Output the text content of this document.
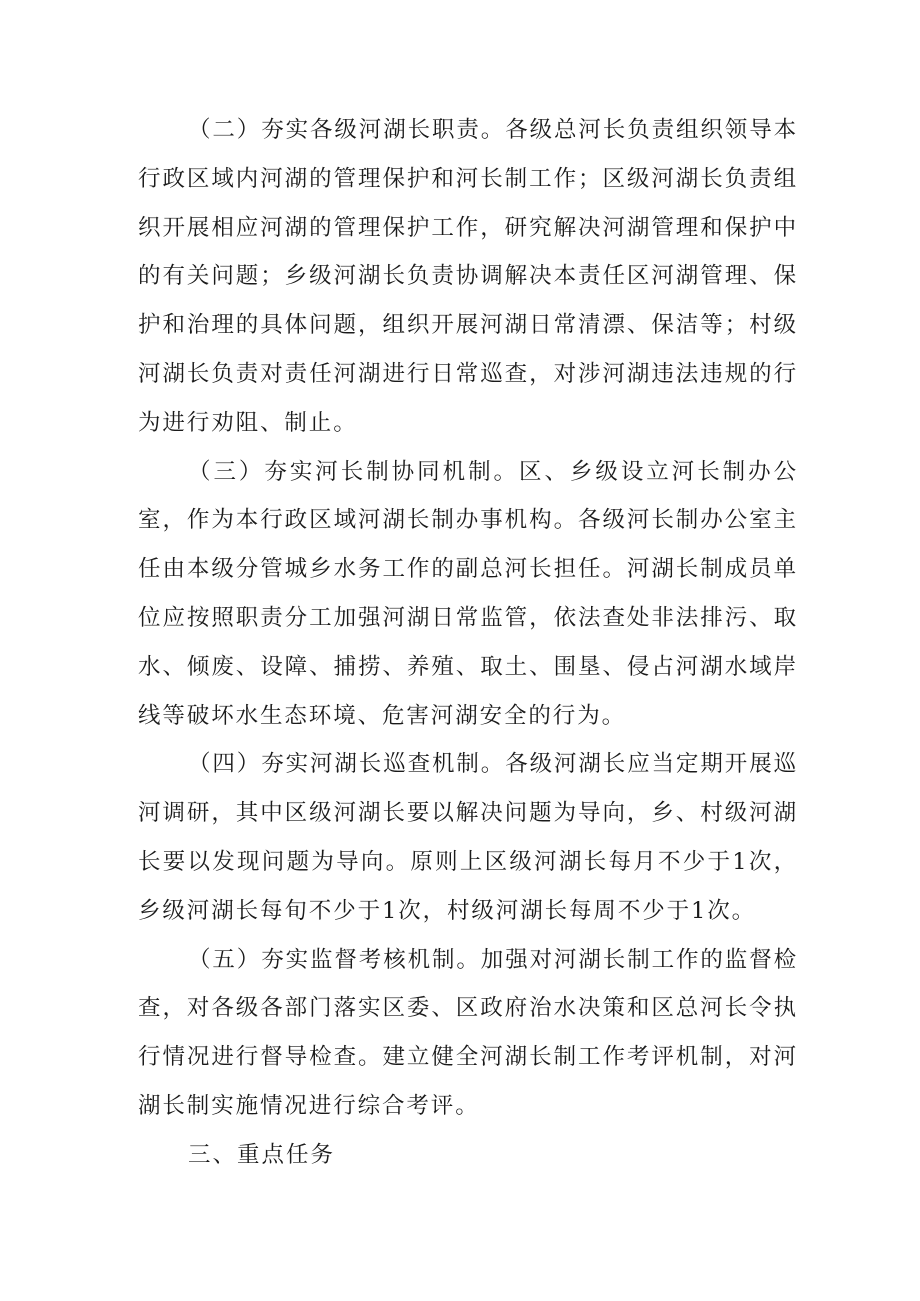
（二）夯实各级河湖长职责。各级总河长负责组织领导本行政区域内河湖的管理保护和河长制工作；区级河湖长负责组织开展相应河湖的管理保护工作，研究解决河湖管理和保护中的有关问题；乡级河湖长负责协调解决本责任区河湖管理、保护和治理的具体问题，组织开展河湖日常清漂、保洁等；村级河湖长负责对责任河湖进行日常巡查，对涉河湖违法违规的行为进行劝阻、制止。

（三）夯实河长制协同机制。区、乡级设立河长制办公室，作为本行政区域河湖长制办事机构。各级河长制办公室主任由本级分管城乡水务工作的副总河长担任。河湖长制成员单位应按照职责分工加强河湖日常监管，依法查处非法排污、取水、倾废、设障、捕捞、养殖、取土、围垦、侵占河湖水域岸线等破坏水生态环境、危害河湖安全的行为。

（四）夯实河湖长巡查机制。各级河湖长应当定期开展巡河调研，其中区级河湖长要以解决问题为导向，乡、村级河湖长要以发现问题为导向。原则上区级河湖长每月不少于1次，乡级河湖长每旬不少于1次，村级河湖长每周不少于1次。

（五）夯实监督考核机制。加强对河湖长制工作的监督检查，对各级各部门落实区委、区政府治水决策和区总河长令执行情况进行督导检查。建立健全河湖长制工作考评机制，对河湖长制实施情况进行综合考评。

三、重点任务
